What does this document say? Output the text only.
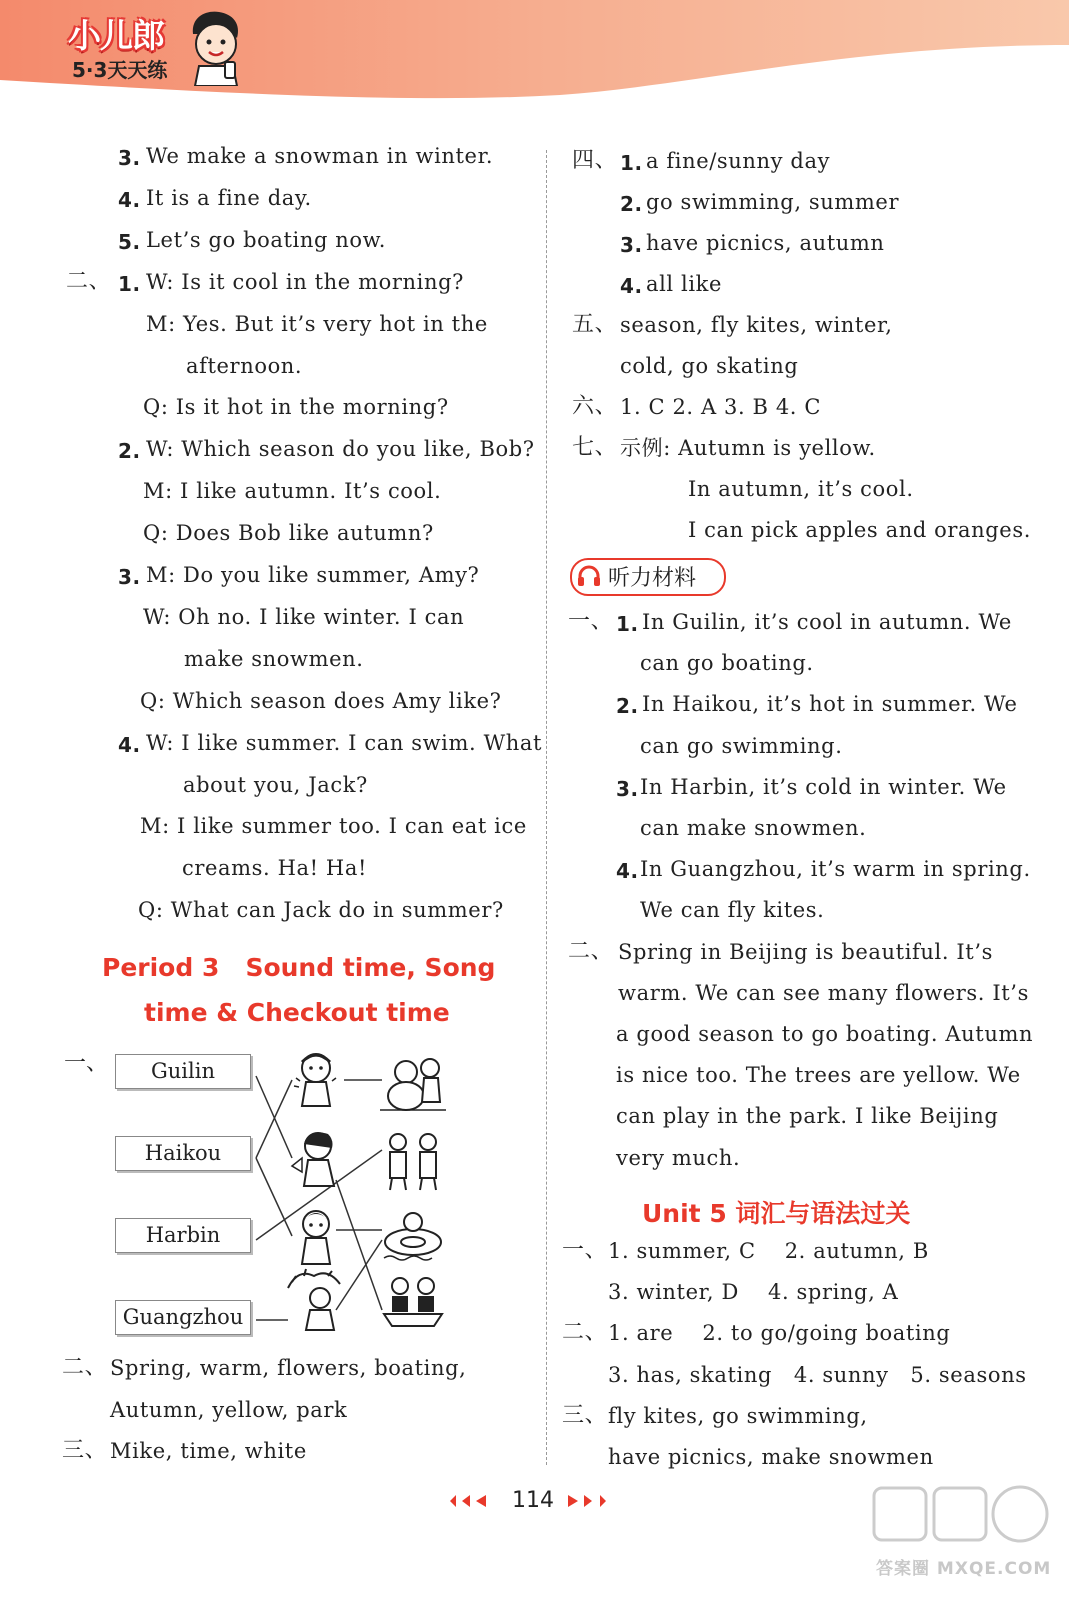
小儿郎
5·3天天练
3. We make a snowman in winter.
4. It is a fine day.
5. Let’s go boating now.
二、 1. W: Is it cool in the morning?
M: Yes. But it’s very hot in the
afternoon.
Q: Is it hot in the morning?
2. W: Which season do you like, Bob?
M: I like autumn. It’s cool.
Q: Does Bob like autumn?
3. M: Do you like summer, Amy?
W: Oh no. I like winter. I can
make snowmen.
Q: Which season does Amy like?
4. W: I like summer. I can swim. What
about you, Jack?
M: I like summer too. I can eat ice
creams. Ha! Ha!
Q: What can Jack do in summer?
Period 3   Sound time, Song
time & Checkout time
一、	Guilin
Haikou
Harbin
Guangzhou
四、 1. a fine/sunny day
2. go swimming, summer
3. have picnics, autumn
4. all like
五、 season, fly kites, winter,
cold, go skating
六、 1. C 2. A 3. B 4. C
七、 示例: Autumn is yellow.
In autumn, it’s cool.
I can pick apples and oranges.
听力材料
一、 1. In Guilin, it’s cool in autumn. We
can go boating.
2. In Haikou, it’s hot in summer. We
can go swimming.
3. In Harbin, it’s cold in winter. We
can make snowmen.
4. In Guangzhou, it’s warm in spring.
We can fly kites.
二、 Spring in Beijing is beautiful. It’s
warm. We can see many flowers. It’s
a good season to go boating. Autumn
is nice too. The trees are yellow. We
can play in the park. I like Beijing
very much.
Unit 5 词汇与语法过关
一、 1. summer, C    2. autumn, B
3. winter, D    4. spring, A
二、 1. are    2. to go/going boating
3. has, skating   4. sunny   5. seasons
三、 fly kites, go swimming,
have picnics, make snowmen
114
答案圈 MXQE.COM
二、 Spring, warm, flowers, boating,
Autumn, yellow, park
三、 Mike, time, white
